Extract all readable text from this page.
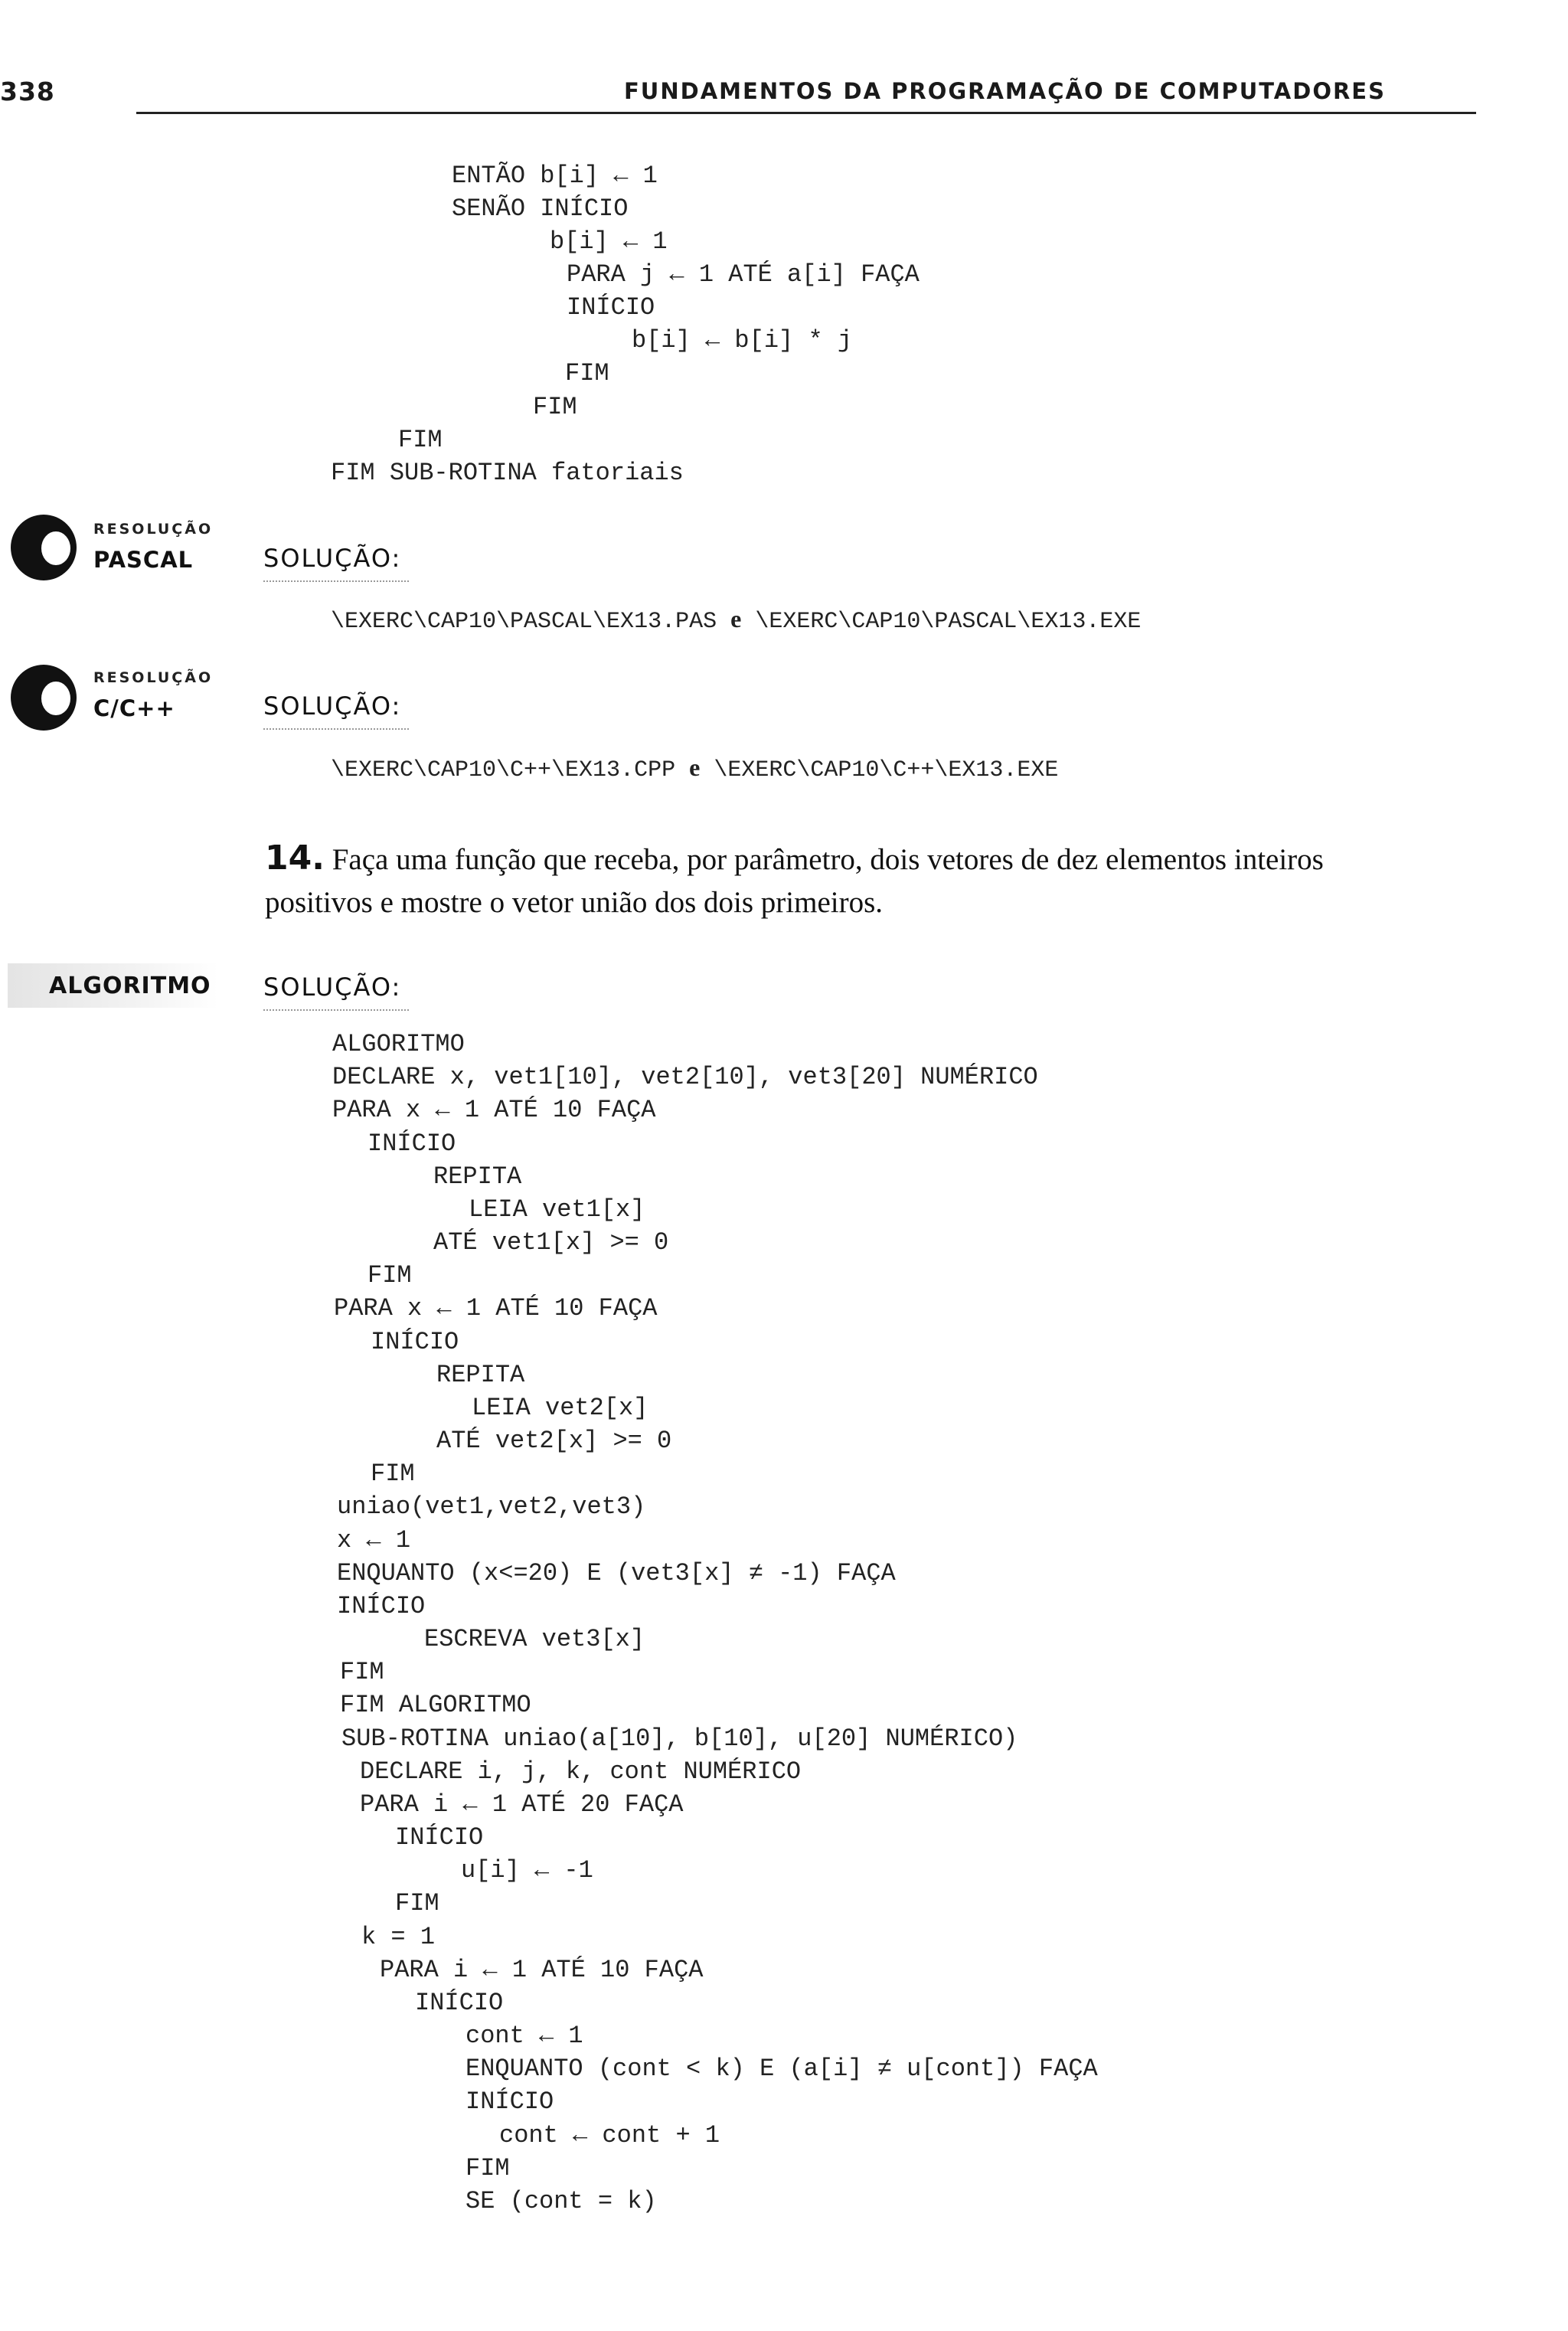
338	FUNDAMENTOS DA PROGRAMAÇÃO DE COMPUTADORES
ENTÃO b[i] ← 1
SENÃO INÍCIO
b[i] ← 1
PARA j ← 1 ATÉ a[i] FAÇA
INÍCIO
b[i] ← b[i] * j
FIM
FIM
FIM
FIM SUB-ROTINA fatoriais
RESOLUÇÃO
PASCAL	SOLUÇÃO:
\EXERC\CAP10\PASCAL\EX13.PAS e \EXERC\CAP10\PASCAL\EX13.EXE
RESOLUÇÃO
C/C++	SOLUÇÃO:
\EXERC\CAP10\C++\EX13.CPP e \EXERC\CAP10\C++\EX13.EXE
14. Faça uma função que receba, por parâmetro, dois vetores de dez elementos inteiros
positivos e mostre o vetor união dos dois primeiros.
ALGORITMO SOLUÇÃO:
ALGORITMO
DECLARE x, vet1[10], vet2[10], vet3[20] NUMÉRICO
PARA x ← 1 ATÉ 10 FAÇA
INÍCIO
REPITA
LEIA vet1[x]
ATÉ vet1[x] >= 0
FIM
PARA x ← 1 ATÉ 10 FAÇA
INÍCIO
REPITA
LEIA vet2[x]
ATÉ vet2[x] >= 0
FIM
uniao(vet1,vet2,vet3)
x ← 1
ENQUANTO (x<=20) E (vet3[x] ≠ -1) FAÇA
INÍCIO
ESCREVA vet3[x]
FIM
FIM ALGORITMO
SUB-ROTINA uniao(a[10], b[10], u[20] NUMÉRICO)
DECLARE i, j, k, cont NUMÉRICO
PARA i ← 1 ATÉ 20 FAÇA
INÍCIO
u[i] ← -1
FIM
k = 1
PARA i ← 1 ATÉ 10 FAÇA
INÍCIO
cont ← 1
ENQUANTO (cont < k) E (a[i] ≠ u[cont]) FAÇA
INÍCIO
cont ← cont + 1
FIM
SE (cont = k)
